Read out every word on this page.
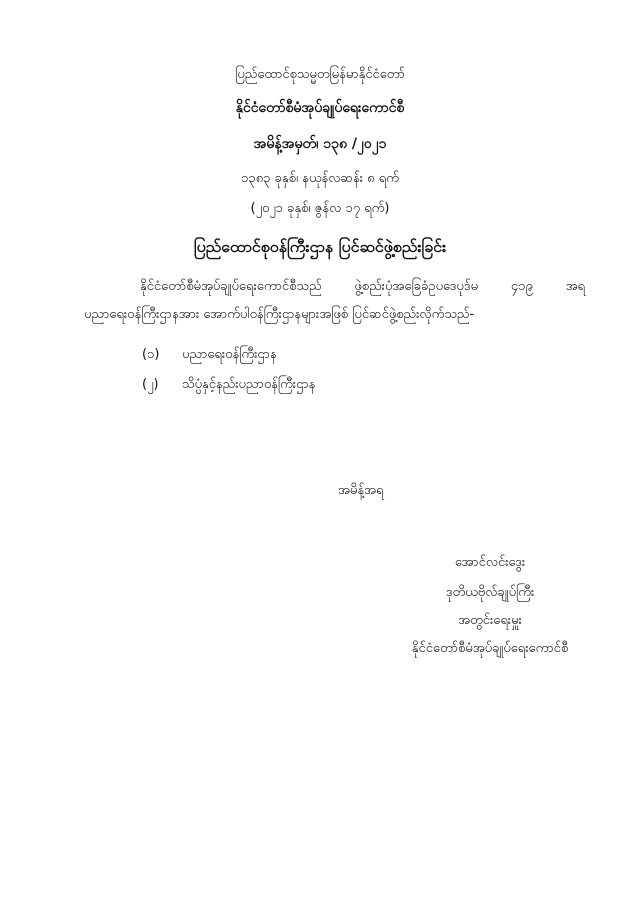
ပြည်ထောင်စုသမ္မတမြန်မာနိုင်ငံတော်
နိုင်ငံတော်စီမံအုပ်ချုပ်ရေးကောင်စီ
အမိန့်အမှတ်၊ ၁၃၈ /၂၀၂၁
၁၃၈၃ ခုနှစ်၊ နယုန်လဆန်း ၈ ရက်
(၂၀၂၁ ခုနှစ်၊ ဇွန်လ ၁၇ ရက်)
ပြည်ထောင်စုဝန်ကြီးဌာန ပြင်ဆင်ဖွဲ့စည်းခြင်း
နိုင်ငံတော်စီမံအုပ်ချုပ်ရေးကောင်စီသည်	ဖွဲ့စည်းပုံအခြေခံဥပဒေပုဒ်မ	၄၁၉	အရ
ပညာရေးဝန်ကြီးဌာနအား အောက်ပါဝန်ကြီးဌာနများအဖြစ် ပြင်ဆင်ဖွဲ့စည်းလိုက်သည်-
(၁) ပညာရေးဝန်ကြီးဌာန
(၂) သိပ္ပံနှင့်နည်းပညာဝန်ကြီးဌာန
အမိန့်အရ
အောင်လင်းဒွေး
ဒုတိယဗိုလ်ချုပ်ကြီး
အတွင်းရေးမှူး
နိုင်ငံတော်စီမံအုပ်ချုပ်ရေးကောင်စီ
